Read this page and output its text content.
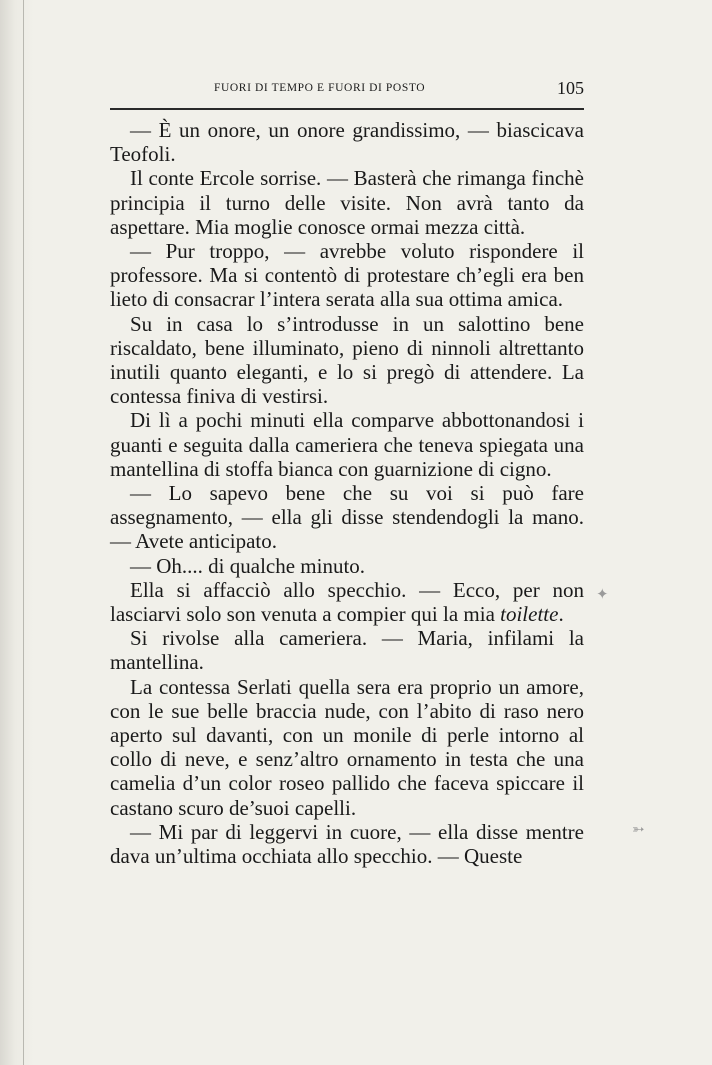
FUORI DI TEMPO E FUORI DI POSTO	105

— È un onore, un onore grandissimo, — biascicava Teofoli.

Il conte Ercole sorrise. — Basterà che rimanga finchè principia il turno delle visite. Non avrà tanto da aspettare. Mia moglie conosce ormai mezza città.

— Pur troppo, — avrebbe voluto rispondere il professore. Ma si contentò di protestare ch’egli era ben lieto di consacrar l’intera serata alla sua ottima amica.

Su in casa lo s’introdusse in un salottino bene riscaldato, bene illuminato, pieno di ninnoli altrettanto inutili quanto eleganti, e lo si pregò di attendere. La contessa finiva di vestirsi.

Di lì a pochi minuti ella comparve abbottonandosi i guanti e seguita dalla cameriera che teneva spiegata una mantellina di stoffa bianca con guarnizione di cigno.

— Lo sapevo bene che su voi si può fare assegnamento, — ella gli disse stendendogli la mano. — Avete anticipato.

— Oh.... di qualche minuto.

Ella si affacciò allo specchio. — Ecco, per non lasciarvi solo son venuta a compier qui la mia toilette.

Si rivolse alla cameriera. — Maria, infilami la mantellina.

La contessa Serlati quella sera era proprio un amore, con le sue belle braccia nude, con l’abito di raso nero aperto sul davanti, con un monile di perle intorno al collo di neve, e senz’altro ornamento in testa che una camelia d’un color roseo pallido che faceva spiccare il castano scuro de’suoi capelli.

— Mi par di leggervi in cuore, — ella disse mentre dava un’ultima occhiata allo specchio. — Queste

✦
➳
